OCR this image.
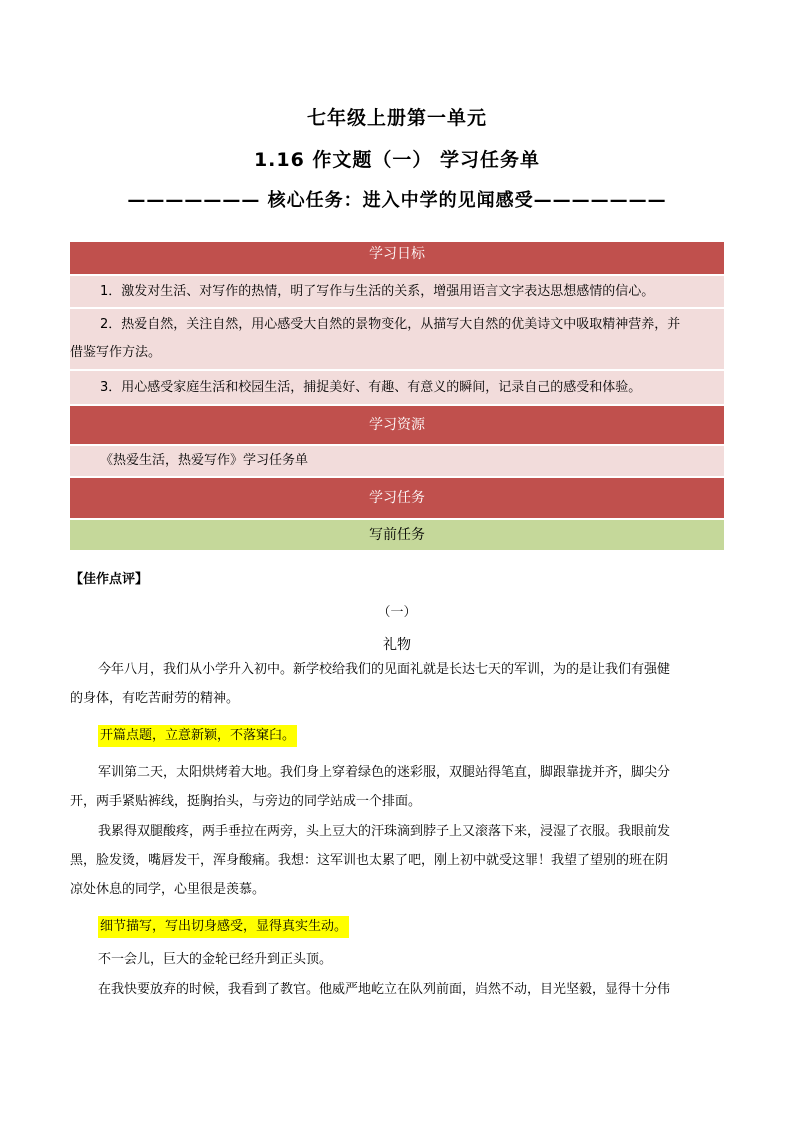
七年级上册第一单元
1.16 作文题（一） 学习任务单
——————— 核心任务：进入中学的见闻感受———————
学习日标
1．激发对生活、对写作的热情，明了写作与生活的关系，增强用语言文字表达思想感情的信心。
2．热爱自然，关注自然，用心感受大自然的景物变化，从描写大自然的优美诗文中吸取精神营养，并
借鉴写作方法。
3．用心感受家庭生活和校园生活，捕捉美好、有趣、有意义的瞬间，记录自己的感受和体验。
学习资源
《热爱生活，热爱写作》学习任务单
学习任务
写前任务
【佳作点评】
（一）
礼物
今年八月，我们从小学升入初中。新学校给我们的见面礼就是长达七天的军训，为的是让我们有强健
的身体，有吃苦耐劳的精神。
开篇点题，立意新颖，不落窠臼。
军训第二天，太阳烘烤着大地。我们身上穿着绿色的迷彩服，双腿站得笔直，脚跟靠拢并齐，脚尖分
开，两手紧贴裤线，挺胸抬头，与旁边的同学站成一个排面。
我累得双腿酸疼，两手垂拉在两旁，头上豆大的汗珠滴到脖子上又滚落下来，浸湿了衣服。我眼前发
黑，脸发烫，嘴唇发干，浑身酸痛。我想：这军训也太累了吧，刚上初中就受这罪！我望了望别的班在阴
凉处休息的同学，心里很是羡慕。
细节描写，写出切身感受，显得真实生动。
不一会儿，巨大的金轮已经升到正头顶。
在我快要放弃的时候，我看到了教官。他威严地屹立在队列前面，岿然不动，目光坚毅，显得十分伟
